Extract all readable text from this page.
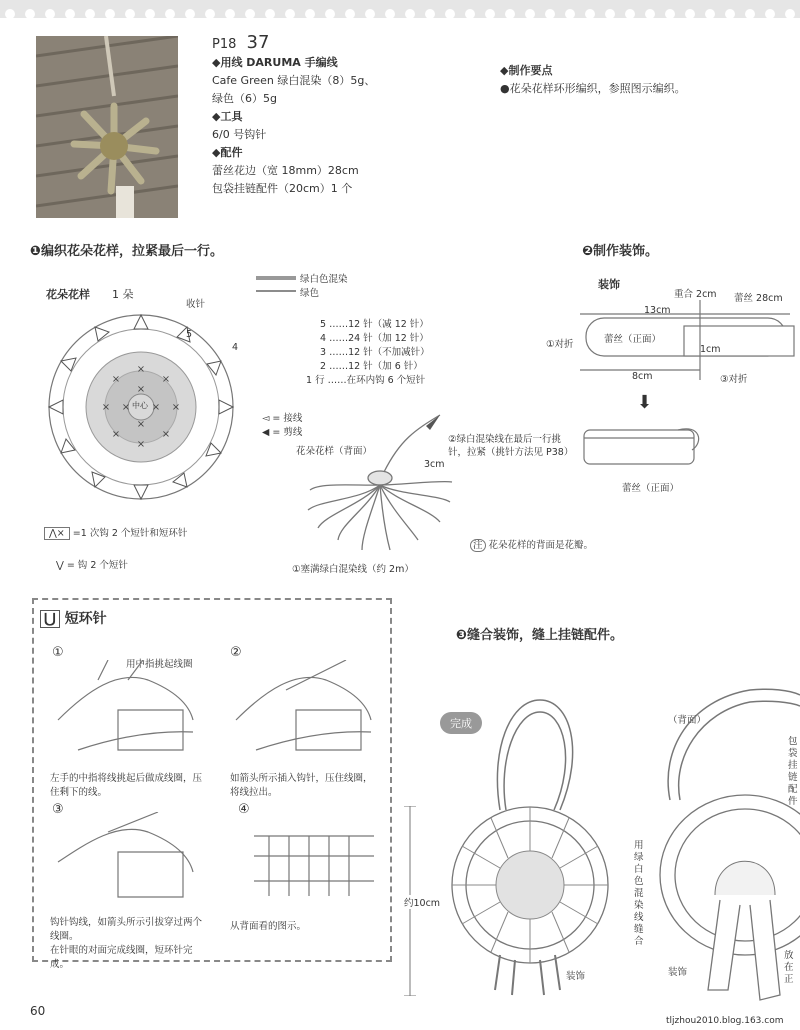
P18 37
◆用线 DARUMA 手编线
Cafe Green 绿白混染（8）5g、
绿色（6）5g
◆工具
6/0 号钩针
◆配件
蕾丝花边（宽 18mm）28cm
包袋挂链配件（20cm）1 个
◆制作要点
●花朵花样环形编织，参照图示编织。
❶编织花朵花样，拉紧最后一行。
花朵花样 1 朵
收针
绿白色混染
绿色
×
×
×
×
×
×
×
×
×
×
×
× 中心
5
4
5 ……12 针（减 12 针）
4 ……24 针（加 12 针）
3 ……12 针（不加减针）
2 ……12 针（加 6 针）
1 行 ……在环内钩 6 个短针
◅ = 接线
◀ = 剪线
花朵花样（背面）
3cm
②绿白混染线在最后一行挑针，拉紧（挑针方法见 P38）
①塞满绿白混染线（约 2m）
⋀× =1 次钩 2 个短针和短环针
⋁ = 钩 2 个短针
注 花朵花样的背面是花瓣。
❷制作装饰。
装饰
重合 2cm 蕾丝 28cm
13cm
①对折	蕾丝（正面）
1cm
8cm	③对折
⬇
蕾丝（正面）
⋃ 短环针
①
用中指挑起线圈
左手的中指将线挑起后做成线圈，压住剩下的线。
②
如箭头所示插入钩针，压住线圈，将线拉出。
③
钩针钩线，如箭头所示引拔穿过两个线圈。
在针眼的对面完成线圈，短环针完成。
④
从背面看的图示。
❸缝合装饰，缝上挂链配件。
完成	（背面）
约10cm
装饰
用绿白色混染线缝合
包袋挂链配件
装饰
放在正
60
tljzhou2010.blog.163.com
